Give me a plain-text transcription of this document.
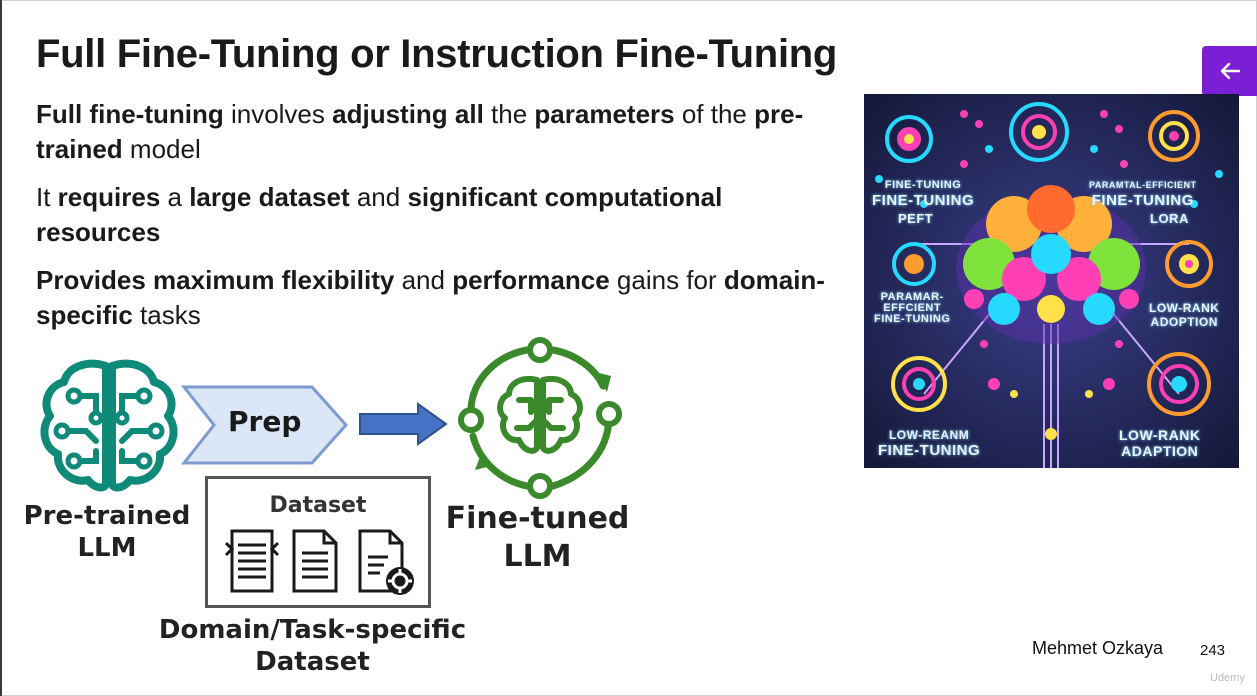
Full Fine-Tuning or Instruction Fine-Tuning
Full fine-tuning involves adjusting all the parameters of the pre-trained model
It requires a large dataset and significant computational resources
Provides maximum flexibility and performance gains for domain-specific tasks
FINE-TUNING
FINE-TUNING
PARAMTAL-EFFICIENT
FINE-TUNING
PEFT	LORA
PARAMAR-
EFFCIENT
FINE-TUNING
LOW-RANK
ADOPTION
LOW-REANM
FINE-TUNING
LOW-RANK
ADAPTION
Pre-trained
LLM
Prep
Dataset
Domain/Task-specific
Dataset
Fine-tuned
LLM
Mehmet Ozkaya 243
Udemy
